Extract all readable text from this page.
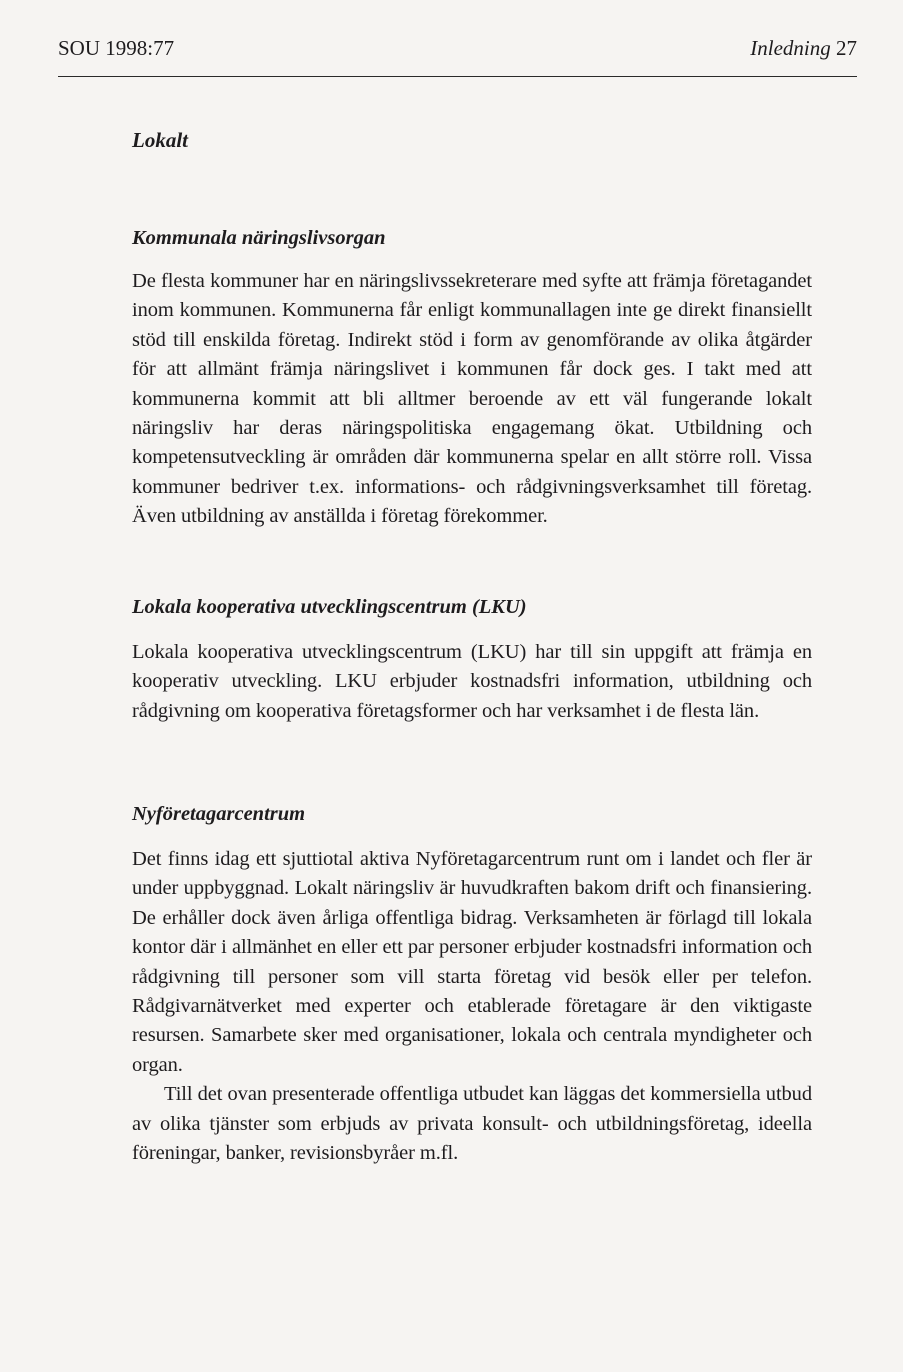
SOU 1998:77	Inledning 27
Lokalt
Kommunala näringslivsorgan

De flesta kommuner har en näringslivssekreterare med syfte att främja företagandet inom kommunen. Kommunerna får enligt kommunallagen inte ge direkt finansiellt stöd till enskilda företag. Indirekt stöd i form av genomförande av olika åtgärder för att allmänt främja näringslivet i kommunen får dock ges. I takt med att kommunerna kommit att bli alltmer beroende av ett väl fungerande lokalt näringsliv har deras näringspolitiska engagemang ökat. Utbildning och kompetensutveckling är områden där kommunerna spelar en allt större roll. Vissa kommuner bedriver t.ex. informations- och rådgivningsverksamhet till företag. Även utbildning av anställda i företag förekommer.

Lokala kooperativa utvecklingscentrum (LKU)

Lokala kooperativa utvecklingscentrum (LKU) har till sin uppgift att främja en kooperativ utveckling. LKU erbjuder kostnadsfri information, utbildning och rådgivning om kooperativa företagsformer och har verksamhet i de flesta län.

Nyföretagarcentrum

Det finns idag ett sjuttiotal aktiva Nyföretagarcentrum runt om i landet och fler är under uppbyggnad. Lokalt näringsliv är huvudkraften bakom drift och finansiering. De erhåller dock även årliga offentliga bidrag. Verksamheten är förlagd till lokala kontor där i allmänhet en eller ett par personer erbjuder kostnadsfri information och rådgivning till personer som vill starta företag vid besök eller per telefon. Rådgivarnätverket med experter och etablerade företagare är den viktigaste resursen. Samarbete sker med organisationer, lokala och centrala myndigheter och organ.

Till det ovan presenterade offentliga utbudet kan läggas det kommersiella utbud av olika tjänster som erbjuds av privata konsult- och utbildningsföretag, ideella föreningar, banker, revisionsbyråer m.fl.
